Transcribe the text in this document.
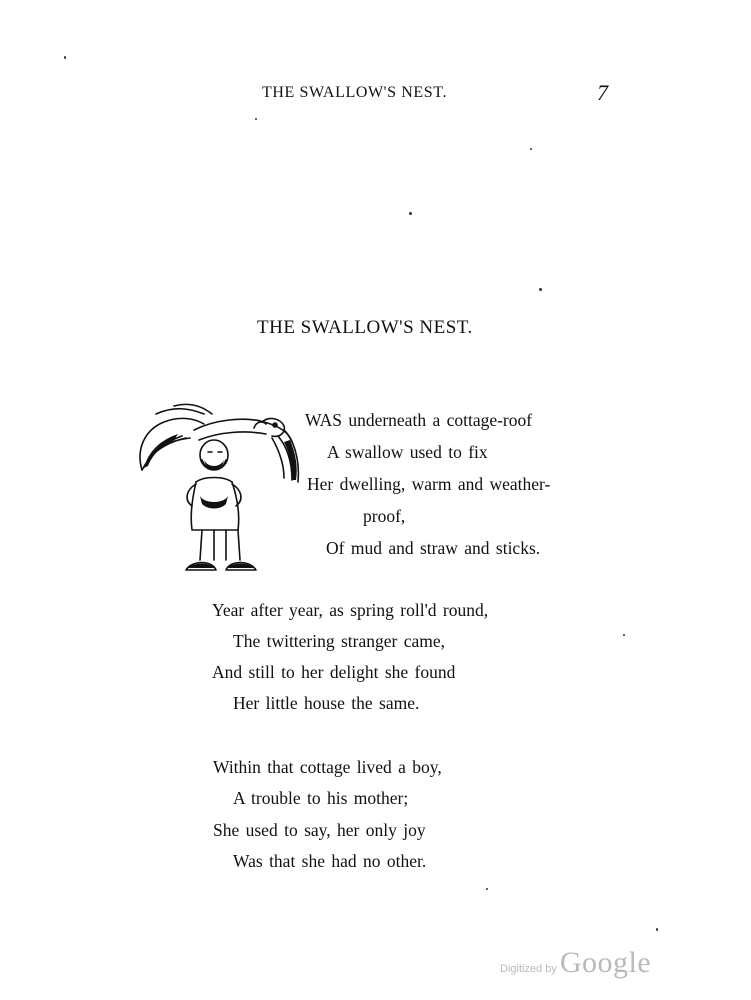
THE SWALLOW'S NEST.	7
THE SWALLOW'S NEST.
WAS underneath a cottage-roof
A swallow used to fix
Her dwelling, warm and weather-
proof,
Of mud and straw and sticks.
Year after year, as spring roll'd round,
The twittering stranger came,
And still to her delight she found
Her little house the same.
Within that cottage lived a boy,
A trouble to his mother;
She used to say, her only joy
Was that she had no other.
Digitized by Google
